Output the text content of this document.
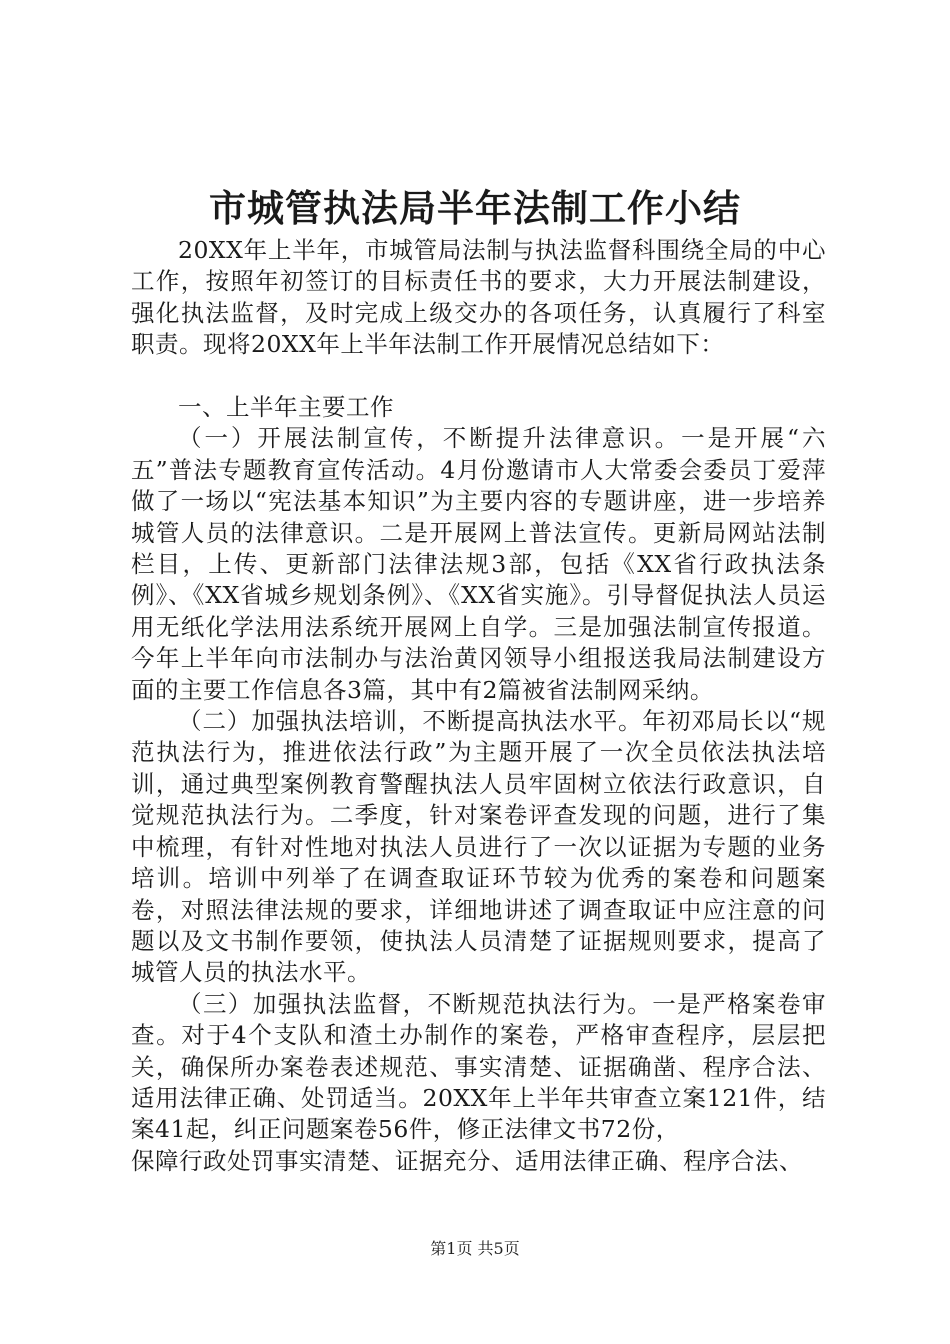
市城管执法局半年法制工作小结

20XX年上半年，市城管局法制与执法监督科围绕全局的中心工作，按照年初签订的目标责任书的要求，大力开展法制建设，强化执法监督，及时完成上级交办的各项任务，认真履行了科室职责。现将20XX年上半年法制工作开展情况总结如下：

一、上半年主要工作

（一）开展法制宣传，不断提升法律意识。一是开展“六五”普法专题教育宣传活动。4月份邀请市人大常委会委员丁爱萍做了一场以“宪法基本知识”为主要内容的专题讲座，进一步培养城管人员的法律意识。二是开展网上普法宣传。更新局网站法制栏目，上传、更新部门法律法规3部，包括《XX省行政执法条例》、《XX省城乡规划条例》、《XX省实施》。引导督促执法人员运用无纸化学法用法系统开展网上自学。三是加强法制宣传报道。今年上半年向市法制办与法治黄冈领导小组报送我局法制建设方面的主要工作信息各3篇，其中有2篇被省法制网采纳。

（二）加强执法培训，不断提高执法水平。年初邓局长以“规范执法行为，推进依法行政”为主题开展了一次全员依法执法培训，通过典型案例教育警醒执法人员牢固树立依法行政意识，自觉规范执法行为。二季度，针对案卷评查发现的问题，进行了集中梳理，有针对性地对执法人员进行了一次以证据为专题的业务培训。培训中列举了在调查取证环节较为优秀的案卷和问题案卷，对照法律法规的要求，详细地讲述了调查取证中应注意的问题以及文书制作要领，使执法人员清楚了证据规则要求，提高了城管人员的执法水平。

（三）加强执法监督，不断规范执法行为。一是严格案卷审查。对于4个支队和渣土办制作的案卷，严格审查程序，层层把关，确保所办案卷表述规范、事实清楚、证据确凿、程序合法、适用法律正确、处罚适当。20XX年上半年共审查立案121件，结案41起，纠正问题案卷56件，修正法律文书72份，

保障行政处罚事实清楚、证据充分、适用法律正确、程序合法、

第1页 共5页
